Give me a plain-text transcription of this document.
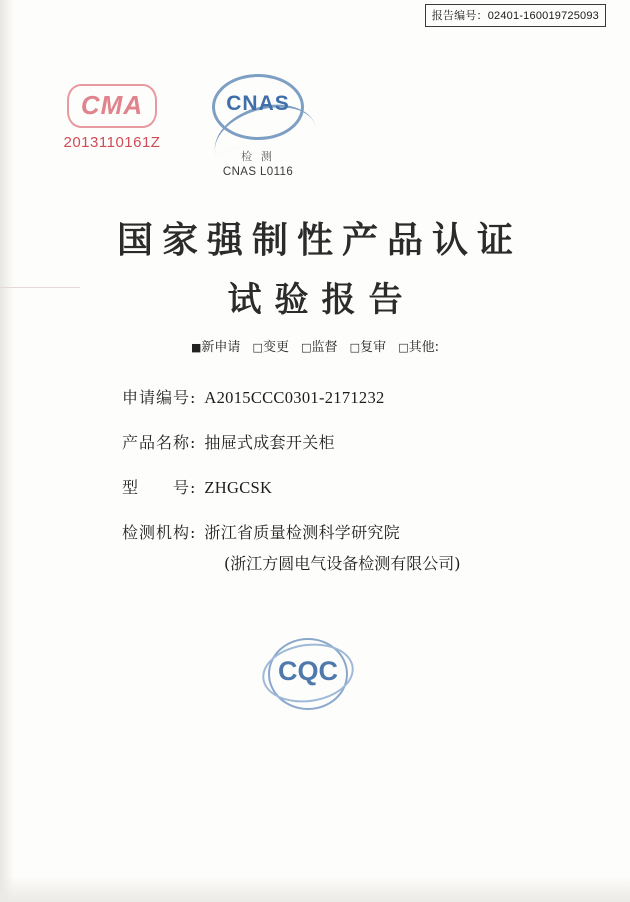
报告编号：02401-160019725093
CMA
2013110161Z
CNAS
检 测
CNAS L0116
国家强制性产品认证
试验报告
■新申请 □变更 □监督 □复审 □其他:
申请编号: A2015CCC0301-2171232
产品名称: 抽屉式成套开关柜
型　　号: ZHGCSK
检测机构: 浙江省质量检测科学研究院
(浙江方圆电气设备检测有限公司)
CQC
